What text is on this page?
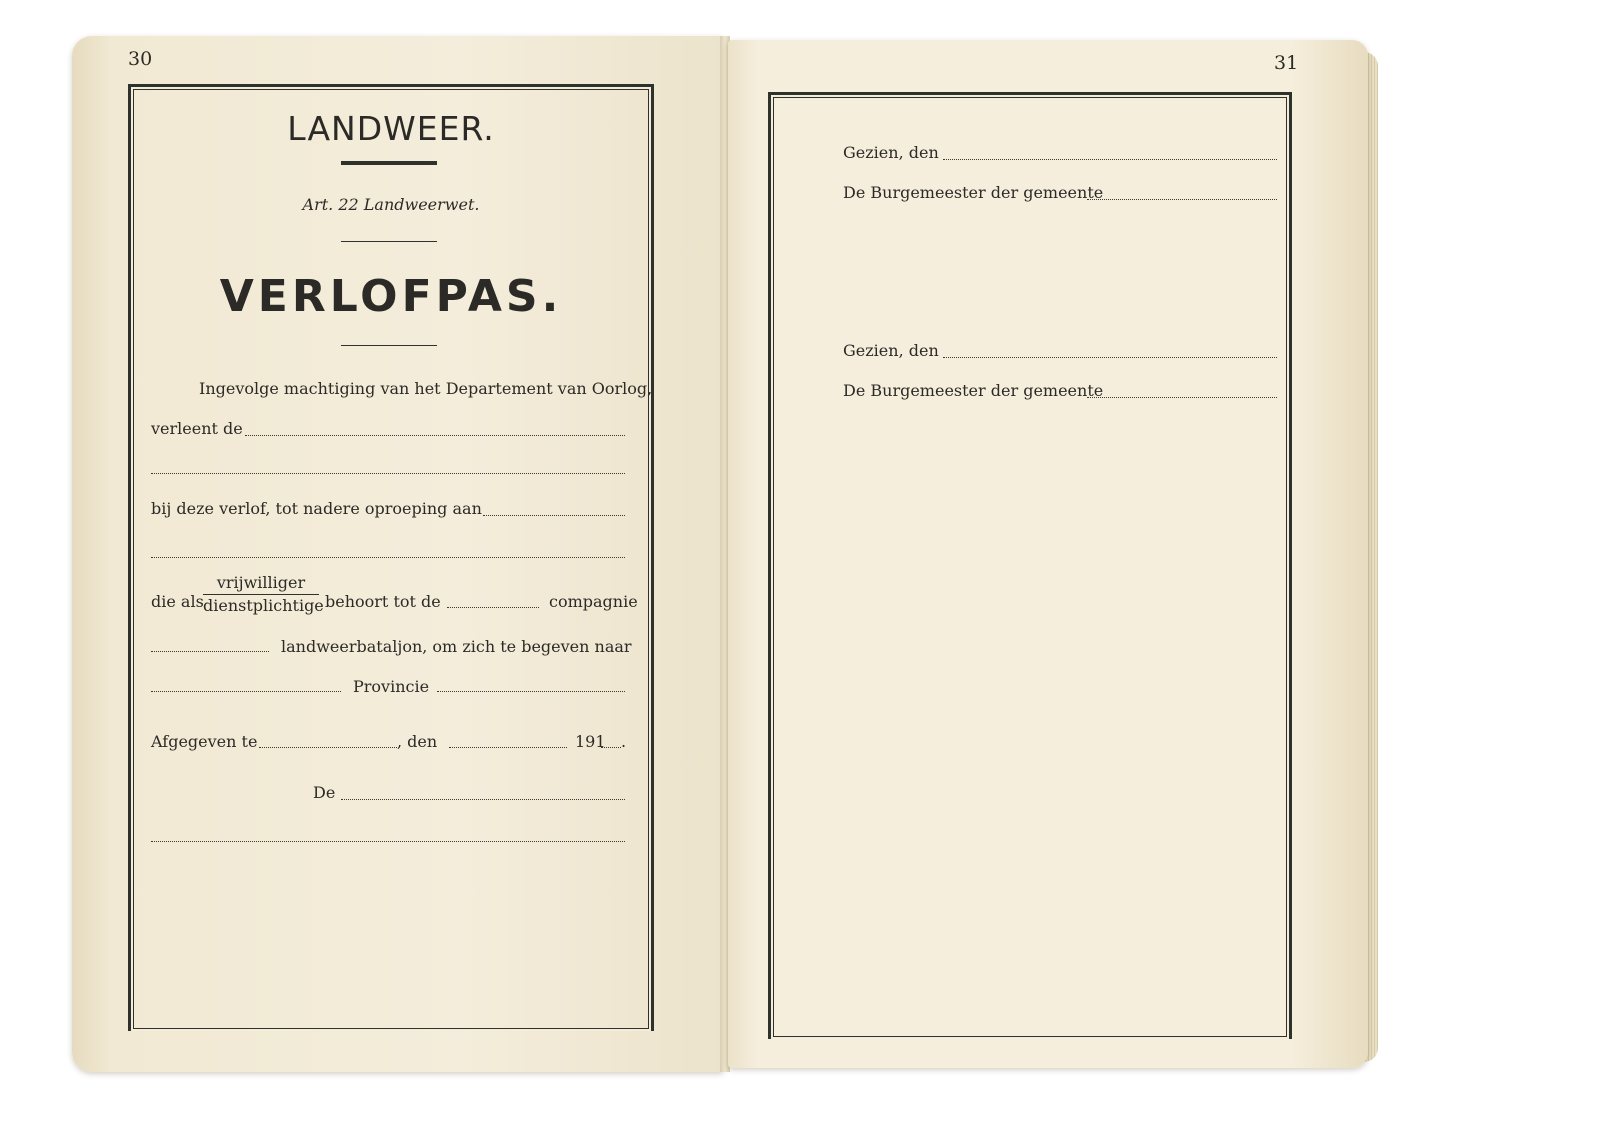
30
LANDWEER.
Art. 22 Landweerwet.
VERLOFPAS.
Ingevolge machtiging van het Departement van Oorlog,
verleent de
bij deze verlof, tot nadere oproeping aan
die als
vrijwilliger
dienstplichtige behoort tot de	compagnie
landweerbataljon, om zich te begeven naar
Provincie
Afgegeven te	, den	191 .
De
31
Gezien, den
De Burgemeester der gemeente
Gezien, den
De Burgemeester der gemeente
